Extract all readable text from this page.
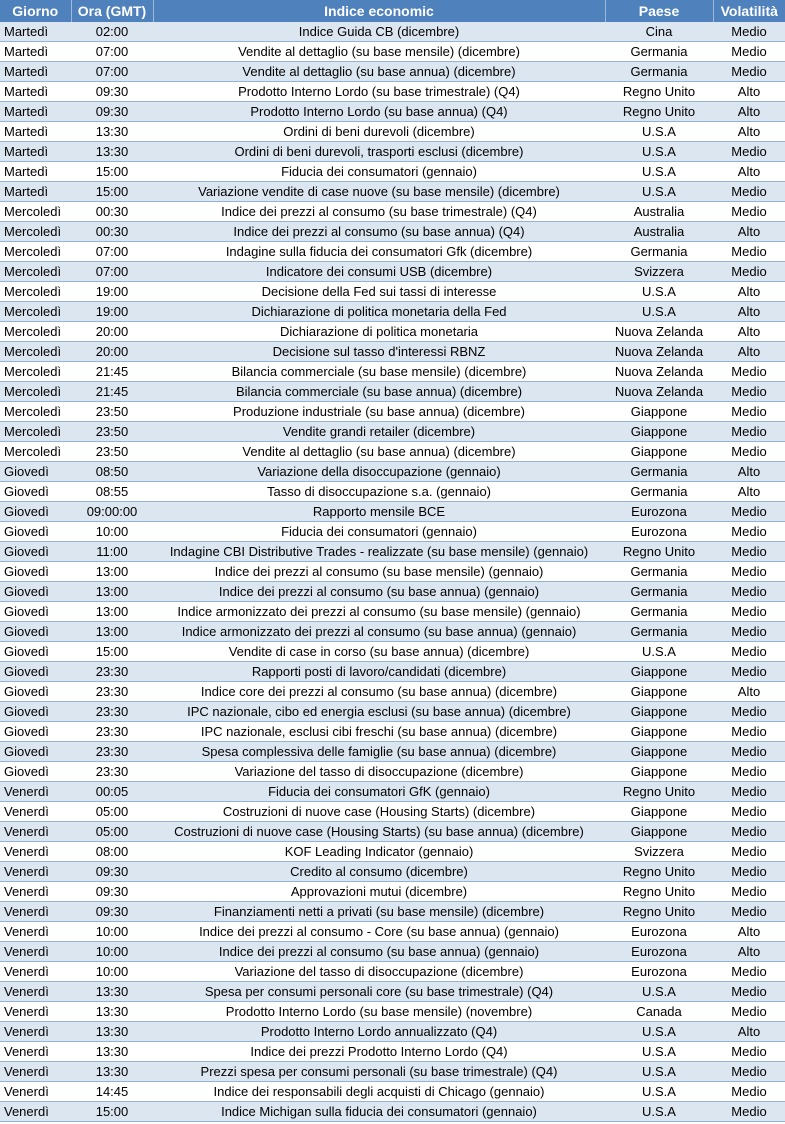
Giorno	Ora (GMT)	Indice economic	Paese	Volatilità
Martedì	02:00	Indice Guida CB (dicembre)	Cina	Medio
Martedì	07:00	Vendite al dettaglio (su base mensile) (dicembre)	Germania	Medio
Martedì	07:00	Vendite al dettaglio (su base annua) (dicembre)	Germania	Medio
Martedì	09:30	Prodotto Interno Lordo (su base trimestrale) (Q4)	Regno Unito	Alto
Martedì	09:30	Prodotto Interno Lordo (su base annua) (Q4)	Regno Unito	Alto
Martedì	13:30	Ordini di beni durevoli (dicembre)	U.S.A	Alto
Martedì	13:30	Ordini di beni durevoli, trasporti esclusi (dicembre)	U.S.A	Medio
Martedì	15:00	Fiducia dei consumatori (gennaio)	U.S.A	Alto
Martedì	15:00	Variazione vendite di case nuove (su base mensile) (dicembre)	U.S.A	Medio
Mercoledì	00:30	Indice dei prezzi al consumo (su base trimestrale) (Q4)	Australia	Medio
Mercoledì	00:30	Indice dei prezzi al consumo (su base annua) (Q4)	Australia	Alto
Mercoledì	07:00	Indagine sulla fiducia dei consumatori Gfk (dicembre)	Germania	Medio
Mercoledì	07:00	Indicatore dei consumi USB (dicembre)	Svizzera	Medio
Mercoledì	19:00	Decisione della Fed sui tassi di interesse	U.S.A	Alto
Mercoledì	19:00	Dichiarazione di politica monetaria della Fed	U.S.A	Alto
Mercoledì	20:00	Dichiarazione di politica monetaria	Nuova Zelanda	Alto
Mercoledì	20:00	Decisione sul tasso d'interessi RBNZ	Nuova Zelanda	Alto
Mercoledì	21:45	Bilancia commerciale (su base mensile) (dicembre)	Nuova Zelanda	Medio
Mercoledì	21:45	Bilancia commerciale (su base annua) (dicembre)	Nuova Zelanda	Medio
Mercoledì	23:50	Produzione industriale (su base annua) (dicembre)	Giappone	Medio
Mercoledì	23:50	Vendite grandi retailer (dicembre)	Giappone	Medio
Mercoledì	23:50	Vendite al dettaglio (su base annua) (dicembre)	Giappone	Medio
Giovedì	08:50	Variazione della disoccupazione (gennaio)	Germania	Alto
Giovedì	08:55	Tasso di disoccupazione s.a. (gennaio)	Germania	Alto
Giovedì	09:00:00	Rapporto mensile BCE	Eurozona	Medio
Giovedì	10:00	Fiducia dei consumatori (gennaio)	Eurozona	Medio
Giovedì	11:00	Indagine CBI Distributive Trades - realizzate (su base mensile) (gennaio)	Regno Unito	Medio
Giovedì	13:00	Indice dei prezzi al consumo (su base mensile) (gennaio)	Germania	Medio
Giovedì	13:00	Indice dei prezzi al consumo (su base annua) (gennaio)	Germania	Medio
Giovedì	13:00	Indice armonizzato dei prezzi al consumo (su base mensile) (gennaio)	Germania	Medio
Giovedì	13:00	Indice armonizzato dei prezzi al consumo (su base annua) (gennaio)	Germania	Medio
Giovedì	15:00	Vendite di case in corso (su base annua) (dicembre)	U.S.A	Medio
Giovedì	23:30	Rapporti posti di lavoro/candidati (dicembre)	Giappone	Medio
Giovedì	23:30	Indice core dei prezzi al consumo (su base annua) (dicembre)	Giappone	Alto
Giovedì	23:30	IPC nazionale, cibo ed energia esclusi (su base annua) (dicembre)	Giappone	Medio
Giovedì	23:30	IPC nazionale, esclusi cibi freschi (su base annua) (dicembre)	Giappone	Medio
Giovedì	23:30	Spesa complessiva delle famiglie (su base annua) (dicembre)	Giappone	Medio
Giovedì	23:30	Variazione del tasso di disoccupazione (dicembre)	Giappone	Medio
Venerdì	00:05	Fiducia dei consumatori GfK (gennaio)	Regno Unito	Medio
Venerdì	05:00	Costruzioni di nuove case (Housing Starts) (dicembre)	Giappone	Medio
Venerdì	05:00	Costruzioni di nuove case (Housing Starts) (su base annua) (dicembre)	Giappone	Medio
Venerdì	08:00	KOF Leading Indicator (gennaio)	Svizzera	Medio
Venerdì	09:30	Credito al consumo (dicembre)	Regno Unito	Medio
Venerdì	09:30	Approvazioni mutui (dicembre)	Regno Unito	Medio
Venerdì	09:30	Finanziamenti netti a privati (su base mensile) (dicembre)	Regno Unito	Medio
Venerdì	10:00	Indice dei prezzi al consumo - Core (su base annua) (gennaio)	Eurozona	Alto
Venerdì	10:00	Indice dei prezzi al consumo (su base annua) (gennaio)	Eurozona	Alto
Venerdì	10:00	Variazione del tasso di disoccupazione (dicembre)	Eurozona	Medio
Venerdì	13:30	Spesa per consumi personali core (su base trimestrale) (Q4)	U.S.A	Medio
Venerdì	13:30	Prodotto Interno Lordo (su base mensile) (novembre)	Canada	Medio
Venerdì	13:30	Prodotto Interno Lordo annualizzato (Q4)	U.S.A	Alto
Venerdì	13:30	Indice dei prezzi Prodotto Interno Lordo (Q4)	U.S.A	Medio
Venerdì	13:30	Prezzi spesa per consumi personali (su base trimestrale) (Q4)	U.S.A	Medio
Venerdì	14:45	Indice dei responsabili degli acquisti di Chicago (gennaio)	U.S.A	Medio
Venerdì	15:00	Indice Michigan sulla fiducia dei consumatori (gennaio)	U.S.A	Medio
